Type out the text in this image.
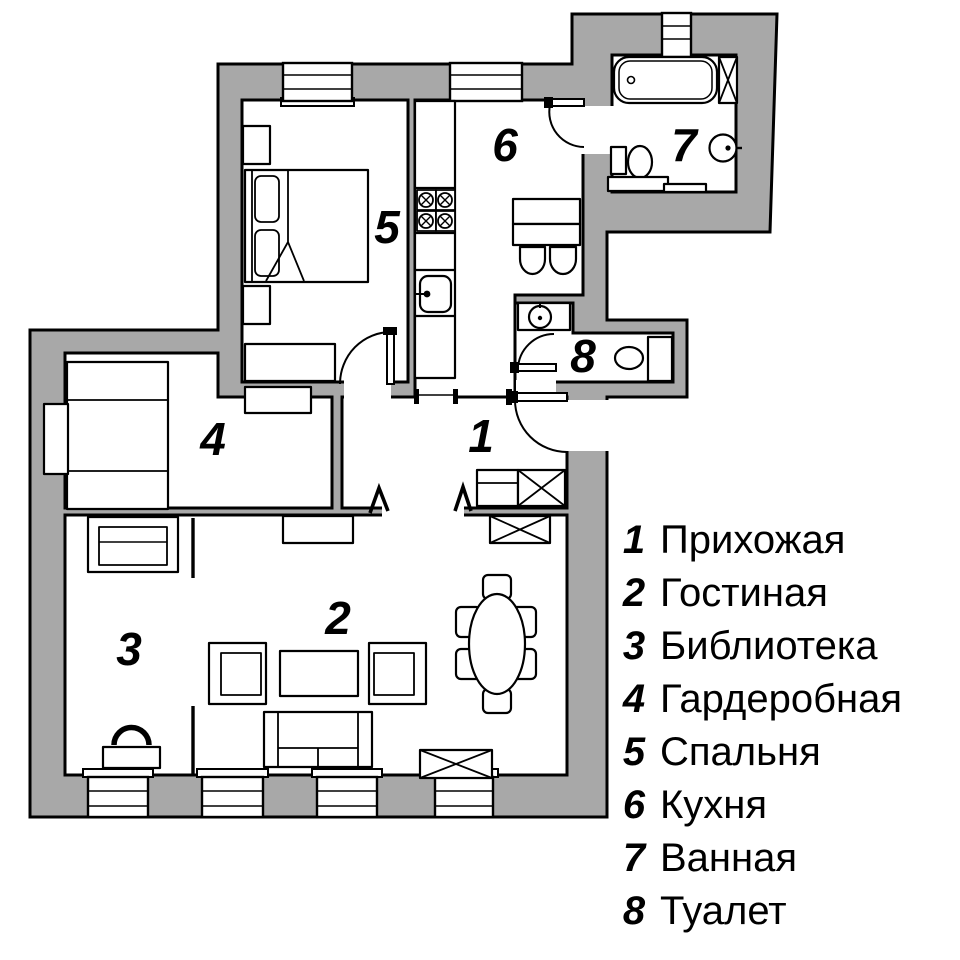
1
2
3
4
5
6	7
8
1 Прихожая
2 Гостиная
3 Библиотека
4 Гардеробная
5 Спальня
6 Кухня
7 Ванная
8 Туалет
